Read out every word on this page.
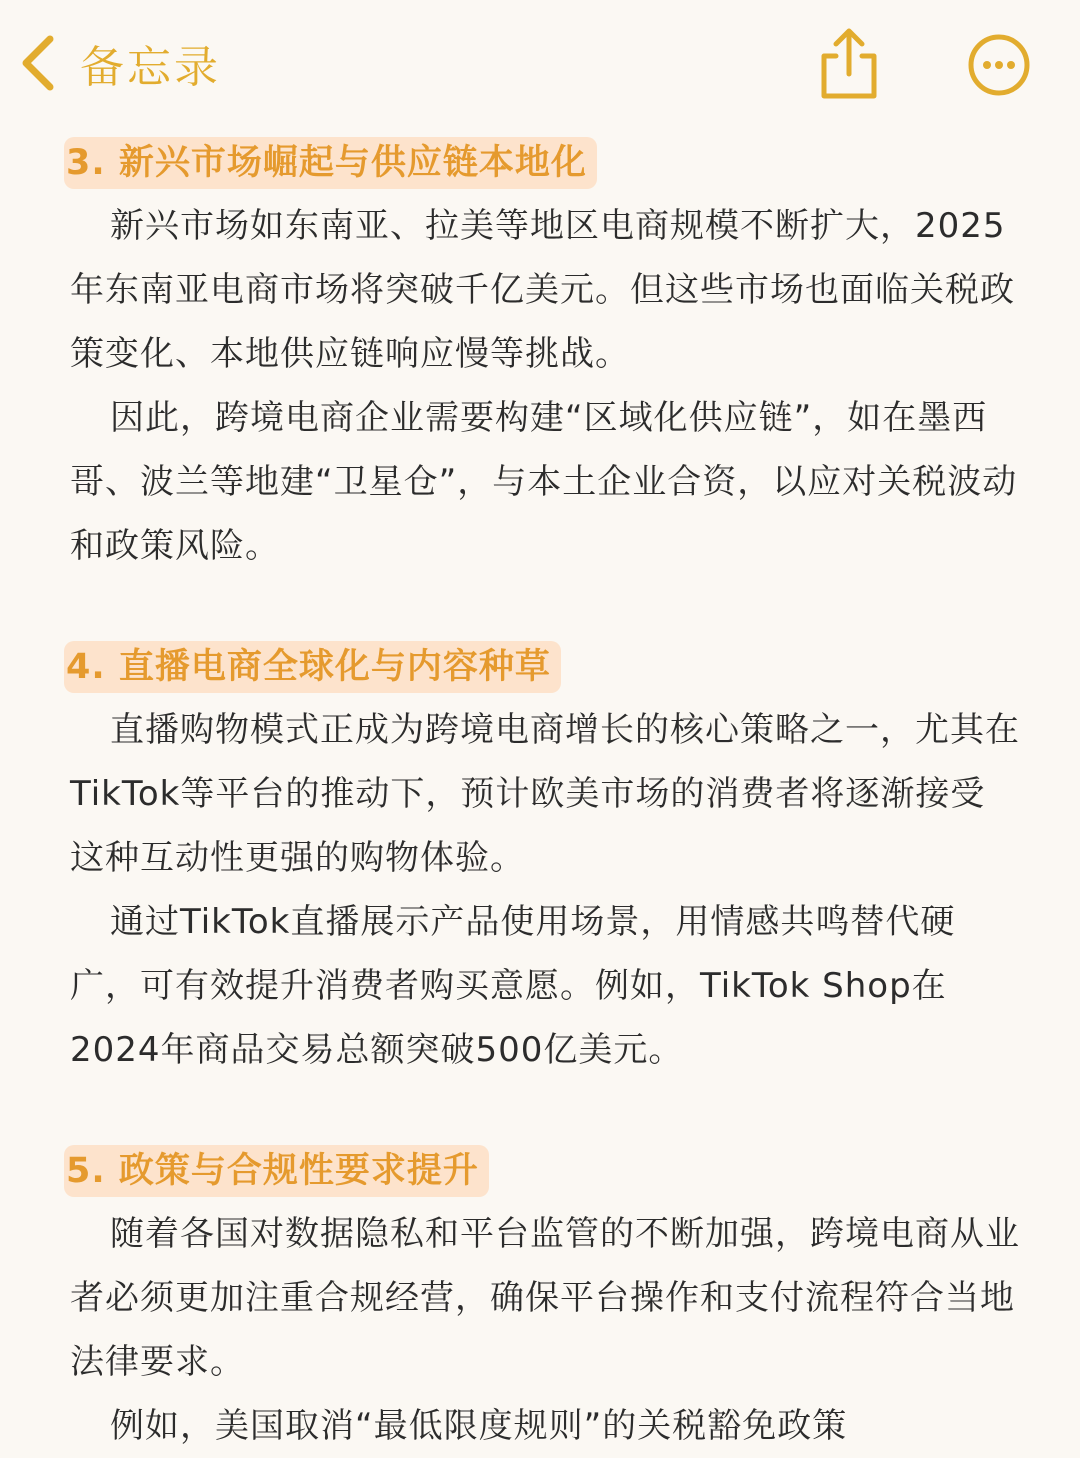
备忘录
3. 新兴市场崛起与供应链本地化

新兴市场如东南亚、拉美等地区电商规模不断扩大，2025年东南亚电商市场将突破千亿美元。但这些市场也面临关税政策变化、本地供应链响应慢等挑战。

因此，跨境电商企业需要构建“区域化供应链”，如在墨西哥、波兰等地建“卫星仓”，与本土企业合资，以应对关税波动和政策风险。

4. 直播电商全球化与内容种草

直播购物模式正成为跨境电商增长的核心策略之一，尤其在TikTok等平台的推动下，预计欧美市场的消费者将逐渐接受这种互动性更强的购物体验。

通过TikTok直播展示产品使用场景，用情感共鸣替代硬广，可有效提升消费者购买意愿。例如，TikTok Shop在2024年商品交易总额突破500亿美元。

5. 政策与合规性要求提升

随着各国对数据隐私和平台监管的不断加强，跨境电商从业者必须更加注重合规经营，确保平台操作和支付流程符合当地法律要求。

例如，美国取消“最低限度规则”的关税豁免政策
